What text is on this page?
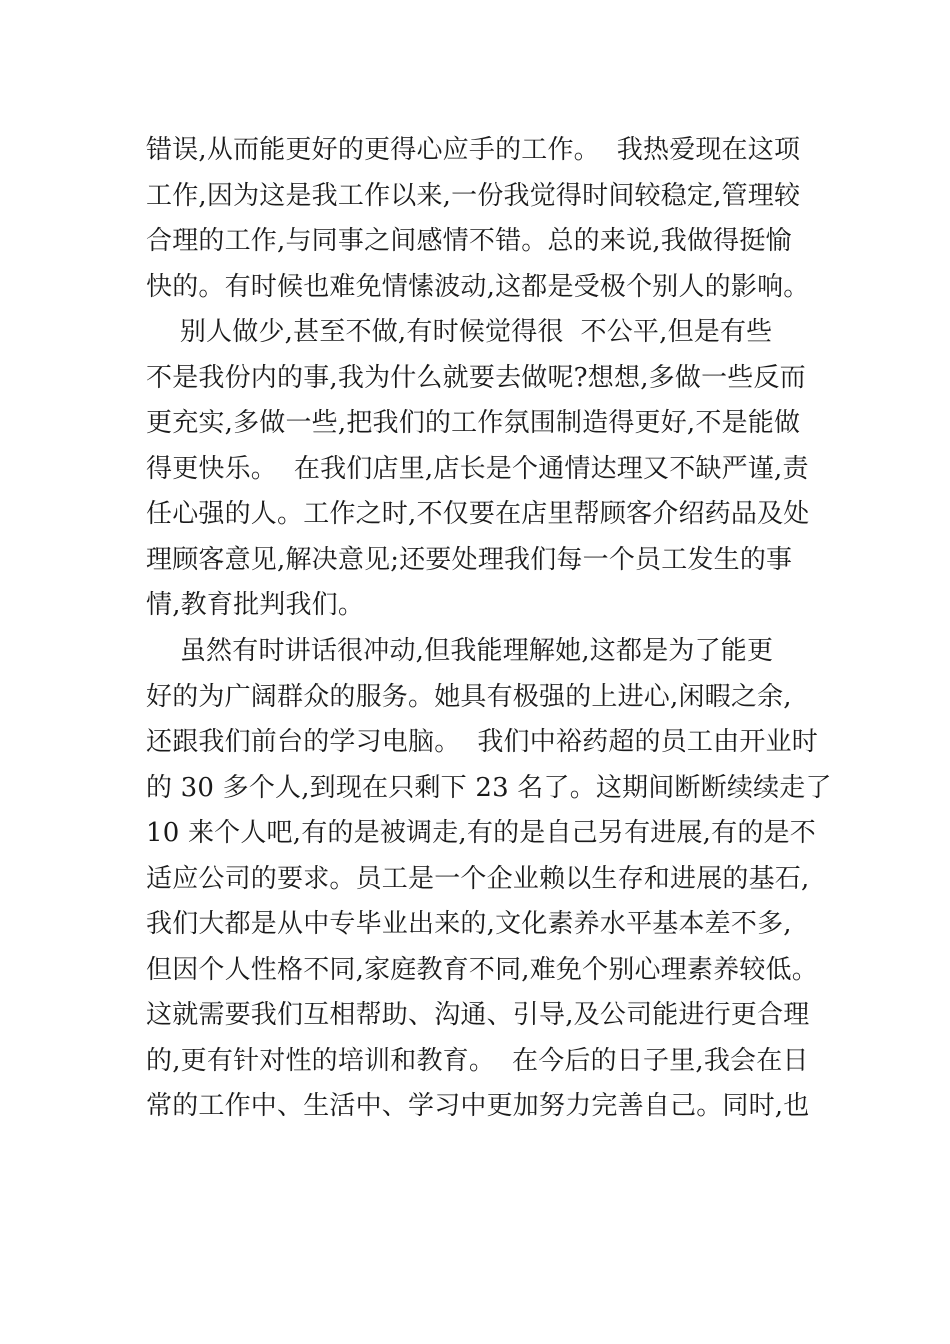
错误,从而能更好的更得心应手的工作。  我热爱现在这项
工作,因为这是我工作以来,一份我觉得时间较稳定,管理较
合理的工作,与同事之间感情不错。总的来说,我做得挺愉
快的。有时候也难免情愫波动,这都是受极个别人的影响。
别人做少,甚至不做,有时候觉得很  不公平,但是有些
不是我份内的事,我为什么就要去做呢?想想,多做一些反而
更充实,多做一些,把我们的工作氛围制造得更好,不是能做
得更快乐。  在我们店里,店长是个通情达理又不缺严谨,责
任心强的人。工作之时,不仅要在店里帮顾客介绍药品及处
理顾客意见,解决意见;还要处理我们每一个员工发生的事
情,教育批判我们。
虽然有时讲话很冲动,但我能理解她,这都是为了能更
好的为广阔群众的服务。她具有极强的上进心,闲暇之余,
还跟我们前台的学习电脑。  我们中裕药超的员工由开业时
的 30 多个人,到现在只剩下 23 名了。这期间断断续续走了
10 来个人吧,有的是被调走,有的是自己另有进展,有的是不
适应公司的要求。员工是一个企业赖以生存和进展的基石,
我们大都是从中专毕业出来的,文化素养水平基本差不多,
但因个人性格不同,家庭教育不同,难免个别心理素养较低。
这就需要我们互相帮助、沟通、引导,及公司能进行更合理
的,更有针对性的培训和教育。  在今后的日子里,我会在日
常的工作中、生活中、学习中更加努力完善自己。同时,也
